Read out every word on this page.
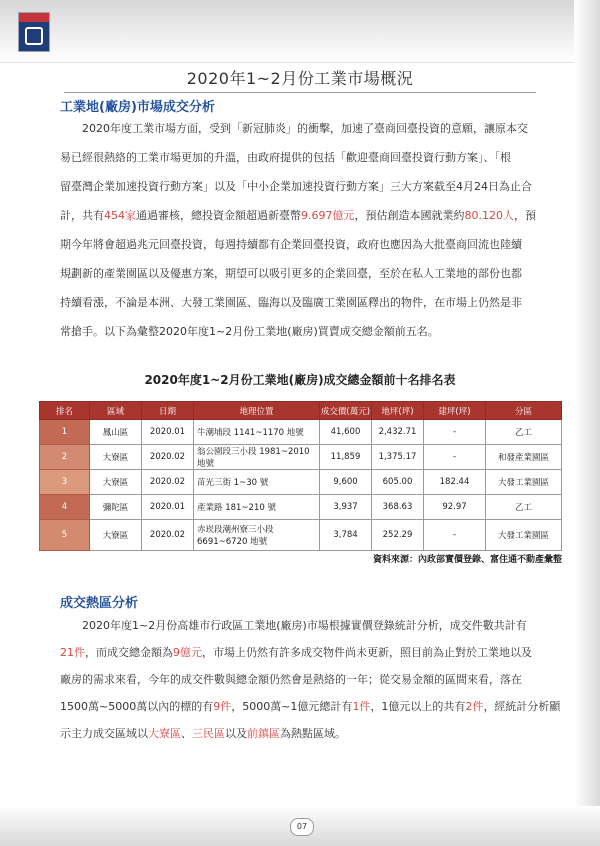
2020年1~2月份工業市場概況
工業地(廠房)市場成交分析
　　2020年度工業市場方面，受到「新冠肺炎」的衝擊，加速了臺商回臺投資的意願，讓原本交
易已經很熱絡的工業市場更加的升溫，由政府提供的包括「歡迎臺商回臺投資行動方案」、「根
留臺灣企業加速投資行動方案」以及「中小企業加速投資行動方案」三大方案截至4月24日為止合
計，共有454家通過審核，總投資金額超過新臺幣9.697億元，預估創造本國就業約80.120人，預
期今年將會超過兆元回臺投資，每週持續都有企業回臺投資，政府也應因為大批臺商回流也陸續
規劃新的產業園區以及優惠方案，期望可以吸引更多的企業回臺，至於在私人工業地的部份也都
持續看漲，不論是本洲、大發工業園區、臨海以及臨廣工業園區釋出的物件，在市場上仍然是非
常搶手。以下為彙整2020年度1~2月份工業地(廠房)買賣成交總金額前五名。
2020年度1~2月份工業地(廠房)成交總金額前十名排名表
排名	區域	日期	地理位置	成交價(萬元)	地坪(坪)	建坪(坪)	分區
1	鳳山區	2020.01	牛潮埔段 1141~1170 地號	41,600	2,432.71	-	乙工
2	大寮區	2020.02	翁公園段三小段 1981~2010 地號	11,859	1,375.17	-	和發產業園區
3	大寮區	2020.02	苗光三街 1~30 號	9,600	605.00	182.44	大發工業園區
4	彌陀區	2020.01	產業路 181~210 號	3,937	368.63	92.97	乙工
5	大寮區	2020.02	赤崁段潮州寮三小段 6691~6720 地號	3,784	252.29	-	大發工業園區
資料來源：內政部實價登錄、富住通不動產彙整
成交熱區分析
　　2020年度1~2月份高雄市行政區工業地(廠房)市場根據實價登錄統計分析，成交件數共計有
21件，而成交總金額為9億元，市場上仍然有許多成交物件尚未更新，照目前為止對於工業地以及
廠房的需求來看，今年的成交件數與總金額仍然會是熱絡的一年；從交易金額的區間來看，落在
1500萬~5000萬以內的標的有9件，5000萬~1億元總計有1件，1億元以上的共有2件，經統計分析顯
示主力成交區域以大寮區、三民區以及前鎮區為熱點區域。
07
